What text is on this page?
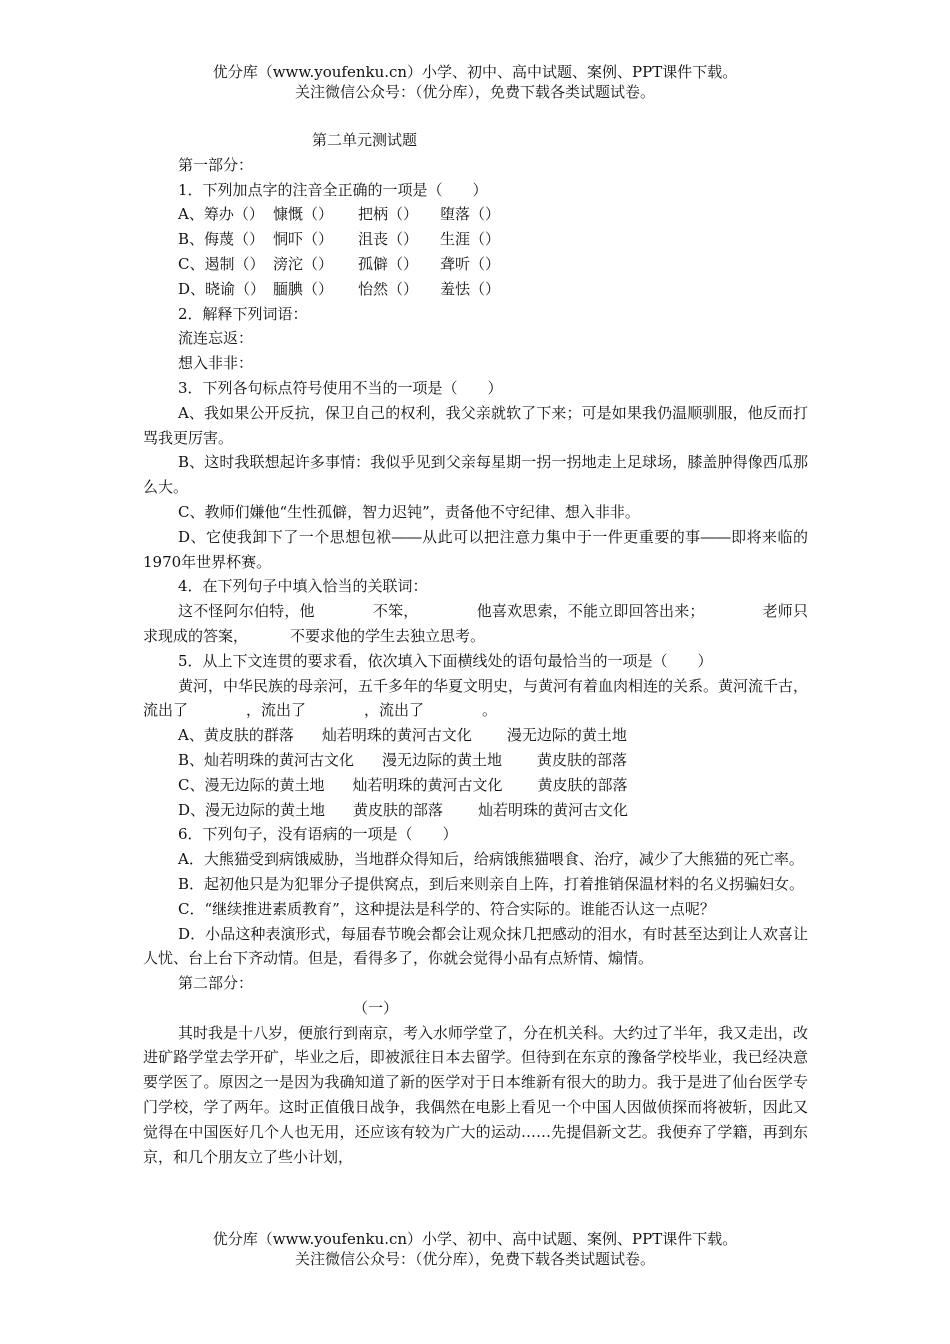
优分库（www.youfenku.cn）小学、初中、高中试题、案例、PPT课件下载。
关注微信公众号：（优分库），免费下载各类试题试卷。

第二单元测试题

第一部分：

1．下列加点字的注音全正确的一项是（　　）

A、筹办（） 慷慨（）	把柄（）	堕落（）
B、侮蔑（） 恫吓（）	沮丧（）	生涯（）
C、遏制（） 滂沱（）	孤僻（）	聋听（）
D、晓谕（） 腼腆（）	怡然（）	羞怯（）

2．解释下列词语：

流连忘返：

想入非非：

3．下列各句标点符号使用不当的一项是（　　）

A、我如果公开反抗，保卫自己的权利，我父亲就软了下来；可是如果我仍温顺驯服，他反而打骂我更厉害。

B、这时我联想起许多事情：我似乎见到父亲每星期一拐一拐地走上足球场，膝盖肿得像西瓜那么大。

C、教师们嫌他“生性孤僻，智力迟钝”，责备他不守纪律、想入非非。

D、它使我卸下了一个思想包袱――从此可以把注意力集中于一件更重要的事――即将来临的1970年世界杯赛。

4．在下列句子中填入恰当的关联词：

这不怪阿尔伯特，他	不笨，	他喜欢思索，不能立即回答出来；	老师只求现成的答案，	不要求他的学生去独立思考。

5．从上下文连贯的要求看，依次填入下面横线处的语句最恰当的一项是（　　）

黄河，中华民族的母亲河，五千多年的华夏文明史，与黄河有着血肉相连的关系。黄河流千古，流出了	，流出了	，流出了	。

A、黄皮肤的群落 灿若明珠的黄河古文化 漫无边际的黄土地
B、灿若明珠的黄河古文化 漫无边际的黄土地 黄皮肤的部落
C、漫无边际的黄土地 灿若明珠的黄河古文化 黄皮肤的部落
D、漫无边际的黄土地 黄皮肤的部落 灿若明珠的黄河古文化

6．下列句子，没有语病的一项是（　　）

A．大熊猫受到病饿威胁，当地群众得知后，给病饿熊猫喂食、治疗，减少了大熊猫的死亡率。

B．起初他只是为犯罪分子提供窝点，到后来则亲自上阵，打着推销保温材料的名义拐骗妇女。

C．“继续推进素质教育”，这种提法是科学的、符合实际的。谁能否认这一点呢？

D．小品这种表演形式，每届春节晚会都会让观众抹几把感动的泪水，有时甚至达到让人欢喜让人忧、台上台下齐动情。但是，看得多了，你就会觉得小品有点矫情、煽情。

第二部分：

（一）

其时我是十八岁，便旅行到南京，考入水师学堂了，分在机关科。大约过了半年，我又走出，改进矿路学堂去学开矿，毕业之后，即被派往日本去留学。但待到在东京的豫备学校毕业，我已经决意要学医了。原因之一是因为我确知道了新的医学对于日本维新有很大的助力。我于是进了仙台医学专门学校，学了两年。这时正值俄日战争，我偶然在电影上看见一个中国人因做侦探而将被斩，因此又觉得在中国医好几个人也无用，还应该有较为广大的运动……先提倡新文艺。我便弃了学籍，再到东京，和几个朋友立了些小计划，

优分库（www.youfenku.cn）小学、初中、高中试题、案例、PPT课件下载。
关注微信公众号：（优分库），免费下载各类试题试卷。
